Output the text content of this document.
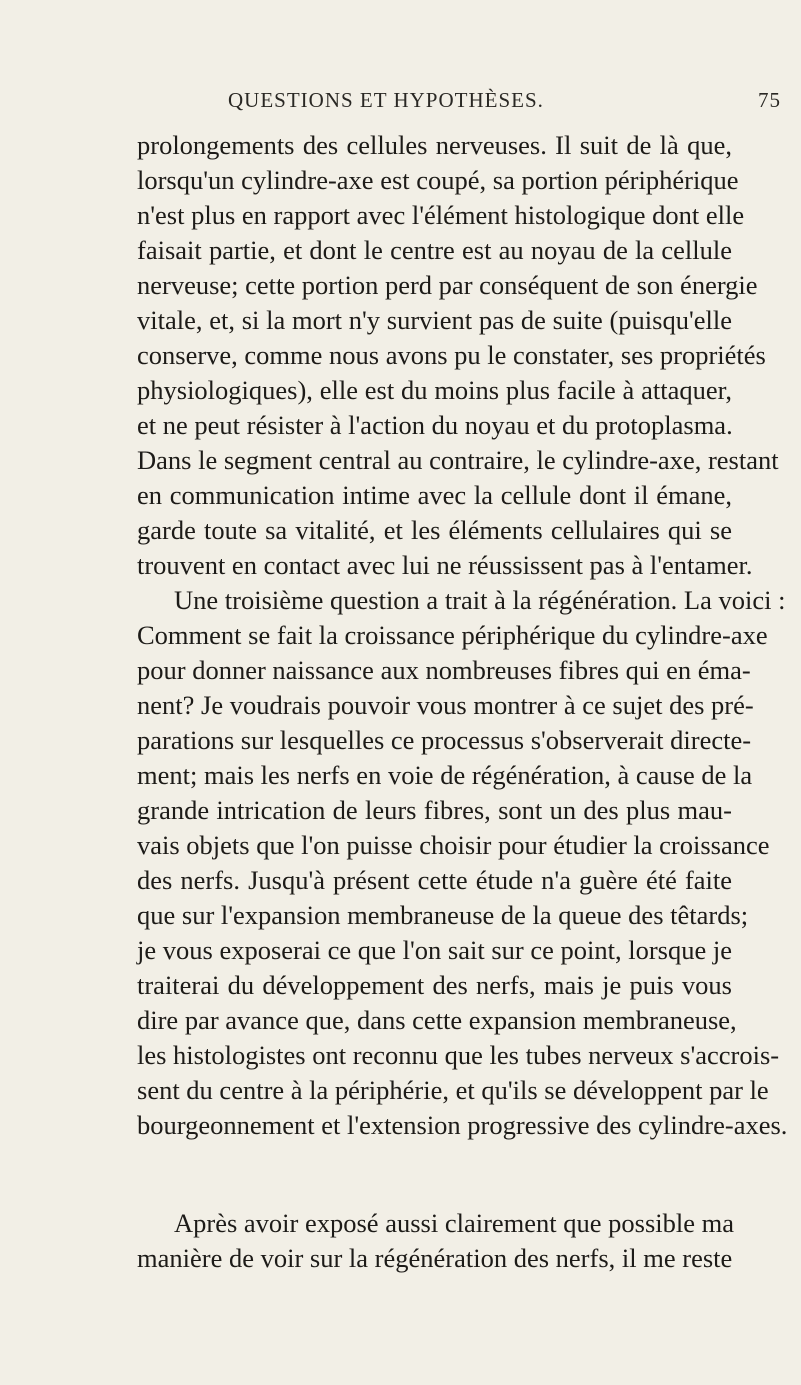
QUESTIONS ET HYPOTHÈSES.	75
prolongements des cellules nerveuses. Il suit de là que,
lorsqu'un cylindre-axe est coupé, sa portion périphérique
n'est plus en rapport avec l'élément histologique dont elle
faisait partie, et dont le centre est au noyau de la cellule
nerveuse; cette portion perd par conséquent de son énergie
vitale, et, si la mort n'y survient pas de suite (puisqu'elle
conserve, comme nous avons pu le constater, ses propriétés
physiologiques), elle est du moins plus facile à attaquer,
et ne peut résister à l'action du noyau et du protoplasma.
Dans le segment central au contraire, le cylindre-axe, restant
en communication intime avec la cellule dont il émane,
garde toute sa vitalité, et les éléments cellulaires qui se
trouvent en contact avec lui ne réussissent pas à l'entamer.
Une troisième question a trait à la régénération. La voici :
Comment se fait la croissance périphérique du cylindre-axe
pour donner naissance aux nombreuses fibres qui en éma-
nent? Je voudrais pouvoir vous montrer à ce sujet des pré-
parations sur lesquelles ce processus s'observerait directe-
ment; mais les nerfs en voie de régénération, à cause de la
grande intrication de leurs fibres, sont un des plus mau-
vais objets que l'on puisse choisir pour étudier la croissance
des nerfs. Jusqu'à présent cette étude n'a guère été faite
que sur l'expansion membraneuse de la queue des têtards;
je vous exposerai ce que l'on sait sur ce point, lorsque je
traiterai du développement des nerfs, mais je puis vous
dire par avance que, dans cette expansion membraneuse,
les histologistes ont reconnu que les tubes nerveux s'accrois-
sent du centre à la périphérie, et qu'ils se développent par le
bourgeonnement et l'extension progressive des cylindre-axes.
Après avoir exposé aussi clairement que possible ma
manière de voir sur la régénération des nerfs, il me reste
